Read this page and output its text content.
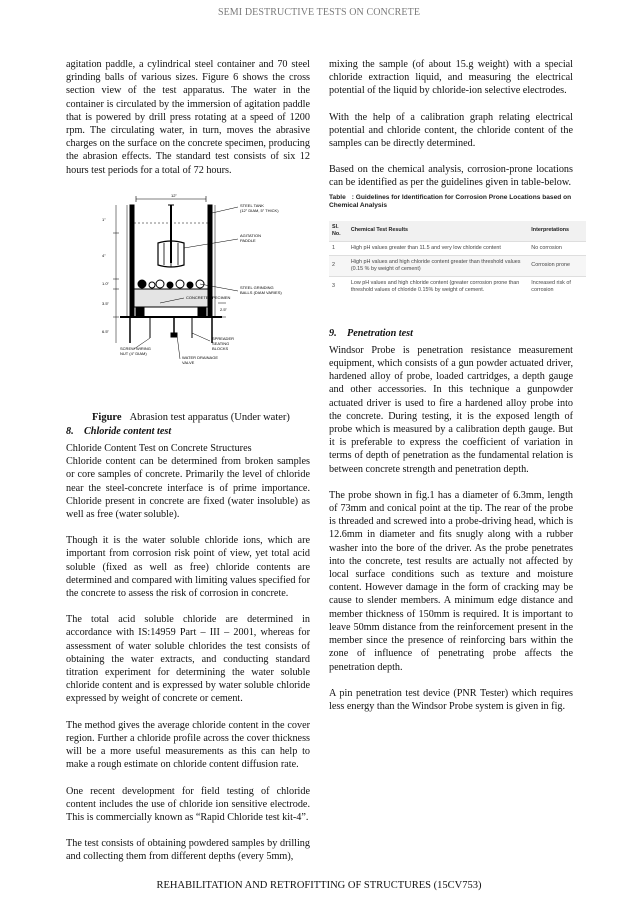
SEMI DESTRUCTIVE TESTS ON CONCRETE

agitation paddle, a cylindrical steel container and 70 steel grinding balls of various sizes. Figure 6 shows the cross section view of the test apparatus. The water in the container is circulated by the immersion of agitation paddle that is powered by drill press rotating at a speed of 1200 rpm. The circulating water, in turn, moves the abrasive charges on the surface on the concrete specimen, producing the abrasion effects. The standard test consists of six 12 hours test periods for a total of 72 hours.

12"
STEEL TANK
(12" DIAM, 5" THICK)
AGITATION
PADDLE
STEEL GRINDING
BALLS (DIAM VARIES)
CONCRETE SPECIMEN
SCREW WIRING
NUT (4" DIAM)
SPREADER
SEATING
BLOCKS
WATER DRAINAGE
VALVE
1"
4"
1.0"
3.5"
6.5"
2.5"
Figure Abrasion test apparatus (Under water)
8. Chloride content test

Chloride Content Test on Concrete Structures

Chloride content can be determined from broken samples or core samples of concrete. Primarily the level of chloride near the steel-concrete interface is of prime importance. Chloride present in concrete are fixed (water insoluble) as well as free (water soluble).

Though it is the water soluble chloride ions, which are important from corrosion risk point of view, yet total acid soluble (fixed as well as free) chloride contents are determined and compared with limiting values specified for the concrete to assess the risk of corrosion in concrete.

The total acid soluble chloride are determined in accordance with IS:14959 Part – III – 2001, whereas for assessment of water soluble chlorides the test consists of obtaining the water extracts, and conducting standard titration experiment for determining the water soluble chloride content and is expressed by water soluble chloride expressed by weight of concrete or cement.

The method gives the average chloride content in the cover region. Further a chloride profile across the cover thickness will be a more useful measurements as this can help to make a rough estimate on chloride content diffusion rate.

One recent development for field testing of chloride content includes the use of chloride ion sensitive electrode. This is commercially known as “Rapid Chloride test kit-4”.

The test consists of obtaining powdered samples by drilling and collecting them from different depths (every 5mm),

mixing the sample (of about 15.g weight) with a special chloride extraction liquid, and measuring the electrical potential of the liquid by chloride-ion selective electrodes.

With the help of a calibration graph relating electrical potential and chloride content, the chloride content of the samples can be directly determined.

Based on the chemical analysis, corrosion-prone locations can be identified as per the guidelines given in table-below.

Table : Guidelines for Identification for Corrosion Prone Locations based on Chemical Analysis
Sl. No.	Chemical Test Results	Interpretations
1	High pH values greater than 11.5 and very low chloride content	No corrosion
2	High pH values and high chloride content greater than threshold values (0.15 % by weight of cement)	Corrosion prone
3	Low pH values and high chloride content (greater corrosion prone than threshold values of chloride 0.15% by weight of cement.	Increased risk of corrosion
9. Penetration test

Windsor Probe is penetration resistance measurement equipment, which consists of a gun powder actuated driver, hardened alloy of probe, loaded cartridges, a depth gauge and other accessories. In this technique a gunpowder actuated driver is used to fire a hardened alloy probe into the concrete. During testing, it is the exposed length of probe which is measured by a calibration depth gauge. But it is preferable to express the coefficient of variation in terms of depth of penetration as the fundamental relation is between concrete strength and penetration depth.

The probe shown in fig.1 has a diameter of 6.3mm, length of 73mm and conical point at the tip. The rear of the probe is threaded and screwed into a probe-driving head, which is 12.6mm in diameter and fits snugly along with a rubber washer into the bore of the driver. As the probe penetrates into the concrete, test results are actually not affected by local surface conditions such as texture and moisture content. However damage in the form of cracking may be cause to slender members. A minimum edge distance and member thickness of 150mm is required. It is important to leave 50mm distance from the reinforcement present in the member since the presence of reinforcing bars within the zone of influence of penetrating probe affects the penetration depth.

A pin penetration test device (PNR Tester) which requires less energy than the Windsor Probe system is given in fig.

REHABILITATION AND RETROFITTING OF STRUCTURES (15CV753)
